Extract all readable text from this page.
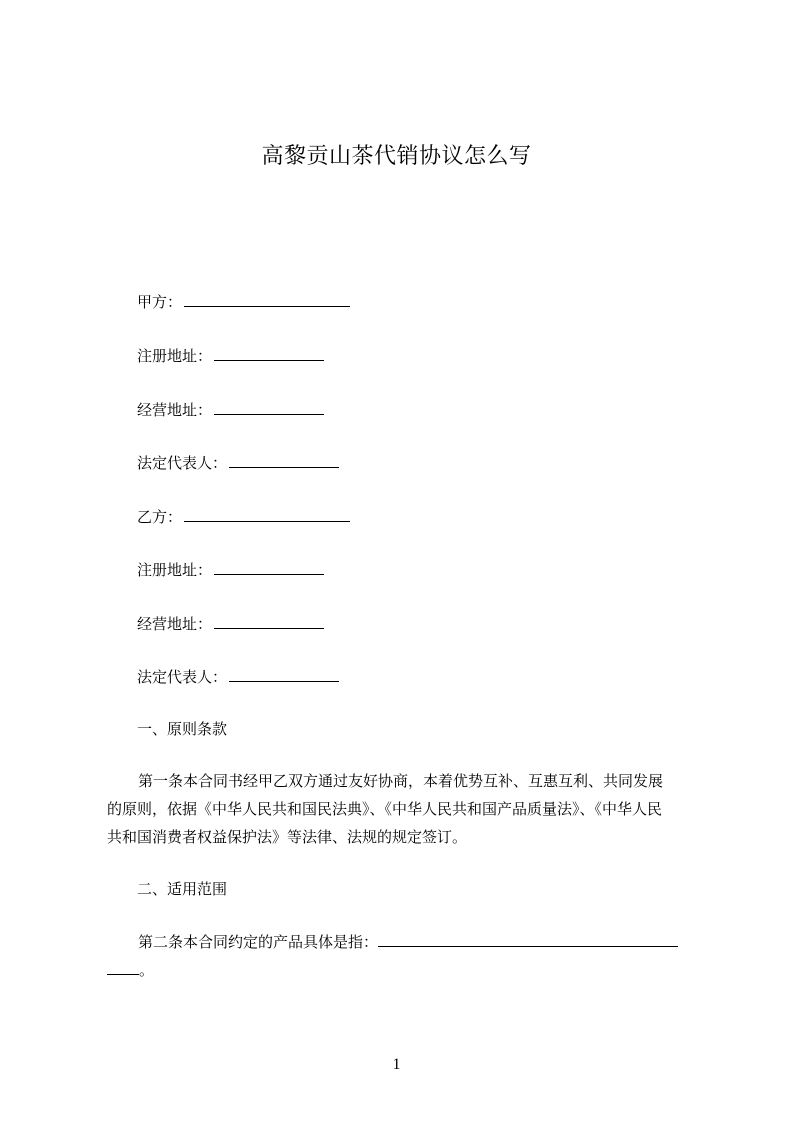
高黎贡山茶代销协议怎么写
甲方：
注册地址：
经营地址：
法定代表人：
乙方：
注册地址：
经营地址：
法定代表人：
一、原则条款
第一条本合同书经甲乙双方通过友好协商，本着优势互补、互惠互利、共同发展
的原则，依据《中华人民共和国民法典》、《中华人民共和国产品质量法》、《中华人民
共和国消费者权益保护法》等法律、法规的规定签订。
二、适用范围
第二条本合同约定的产品具体是指：
。
1
